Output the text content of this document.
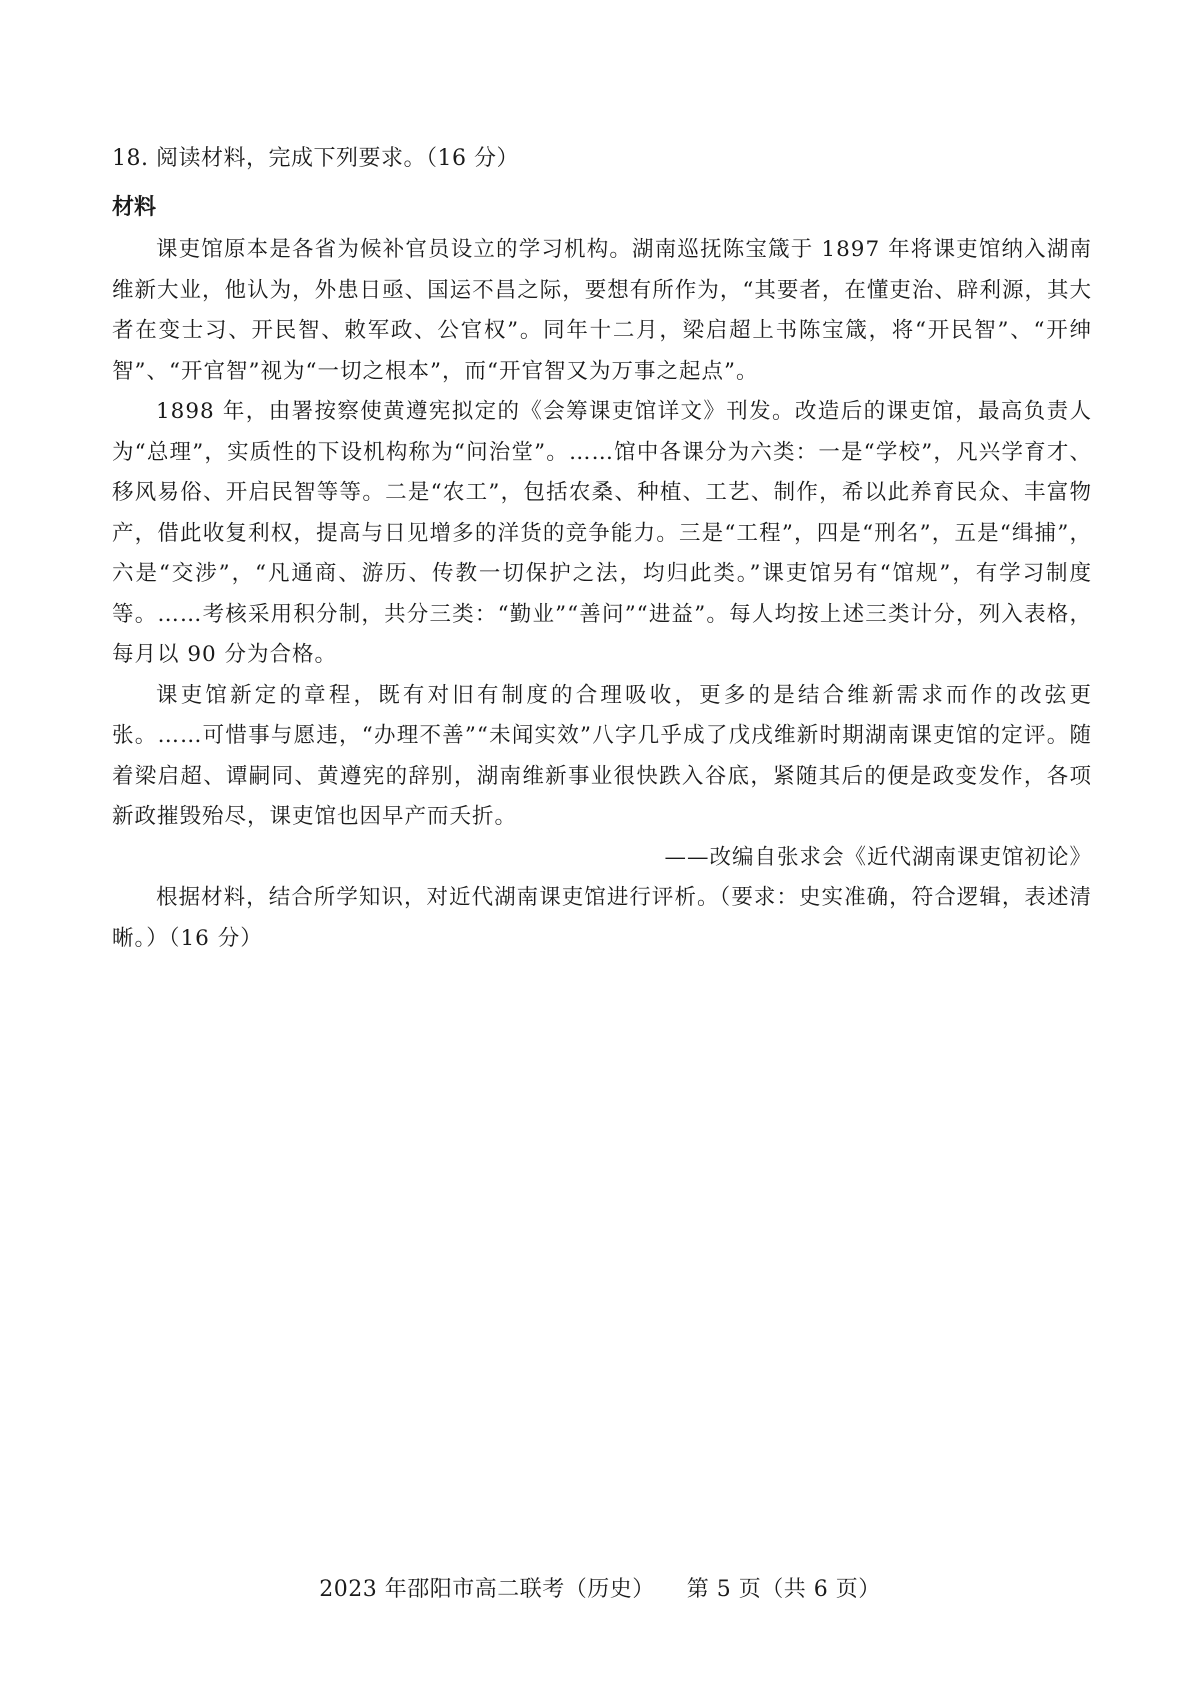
18. 阅读材料，完成下列要求。（16 分）
材料

课吏馆原本是各省为候补官员设立的学习机构。湖南巡抚陈宝箴于 1897 年将课吏馆纳入湖南维新大业，他认为，外患日亟、国运不昌之际，要想有所作为，“其要者，在懂吏治、辟利源，其大者在变士习、开民智、敕军政、公官权”。同年十二月，梁启超上书陈宝箴，将“开民智”、“开绅智”、“开官智”视为“一切之根本”，而“开官智又为万事之起点”。

1898 年，由署按察使黄遵宪拟定的《会筹课吏馆详文》刊发。改造后的课吏馆，最高负责人为“总理”，实质性的下设机构称为“问治堂”。……馆中各课分为六类：一是“学校”，凡兴学育才、移风易俗、开启民智等等。二是“农工”，包括农桑、种植、工艺、制作，希以此养育民众、丰富物产，借此收复利权，提高与日见增多的洋货的竞争能力。三是“工程”，四是“刑名”，五是“缉捕”，六是“交涉”，“凡通商、游历、传教一切保护之法，均归此类。”课吏馆另有“馆规”，有学习制度等。……考核采用积分制，共分三类：“勤业”“善问”“进益”。每人均按上述三类计分，列入表格，每月以 90 分为合格。

课吏馆新定的章程，既有对旧有制度的合理吸收，更多的是结合维新需求而作的改弦更张。……可惜事与愿违，“办理不善”“未闻实效”八字几乎成了戊戌维新时期湖南课吏馆的定评。随着梁启超、谭嗣同、黄遵宪的辞别，湖南维新事业很快跌入谷底，紧随其后的便是政变发作，各项新政摧毁殆尽，课吏馆也因早产而夭折。

——改编自张求会《近代湖南课吏馆初论》

根据材料，结合所学知识，对近代湖南课吏馆进行评析。（要求：史实准确，符合逻辑，表述清晰。）（16 分）

2023 年邵阳市高二联考（历史） 第 5 页（共 6 页）
